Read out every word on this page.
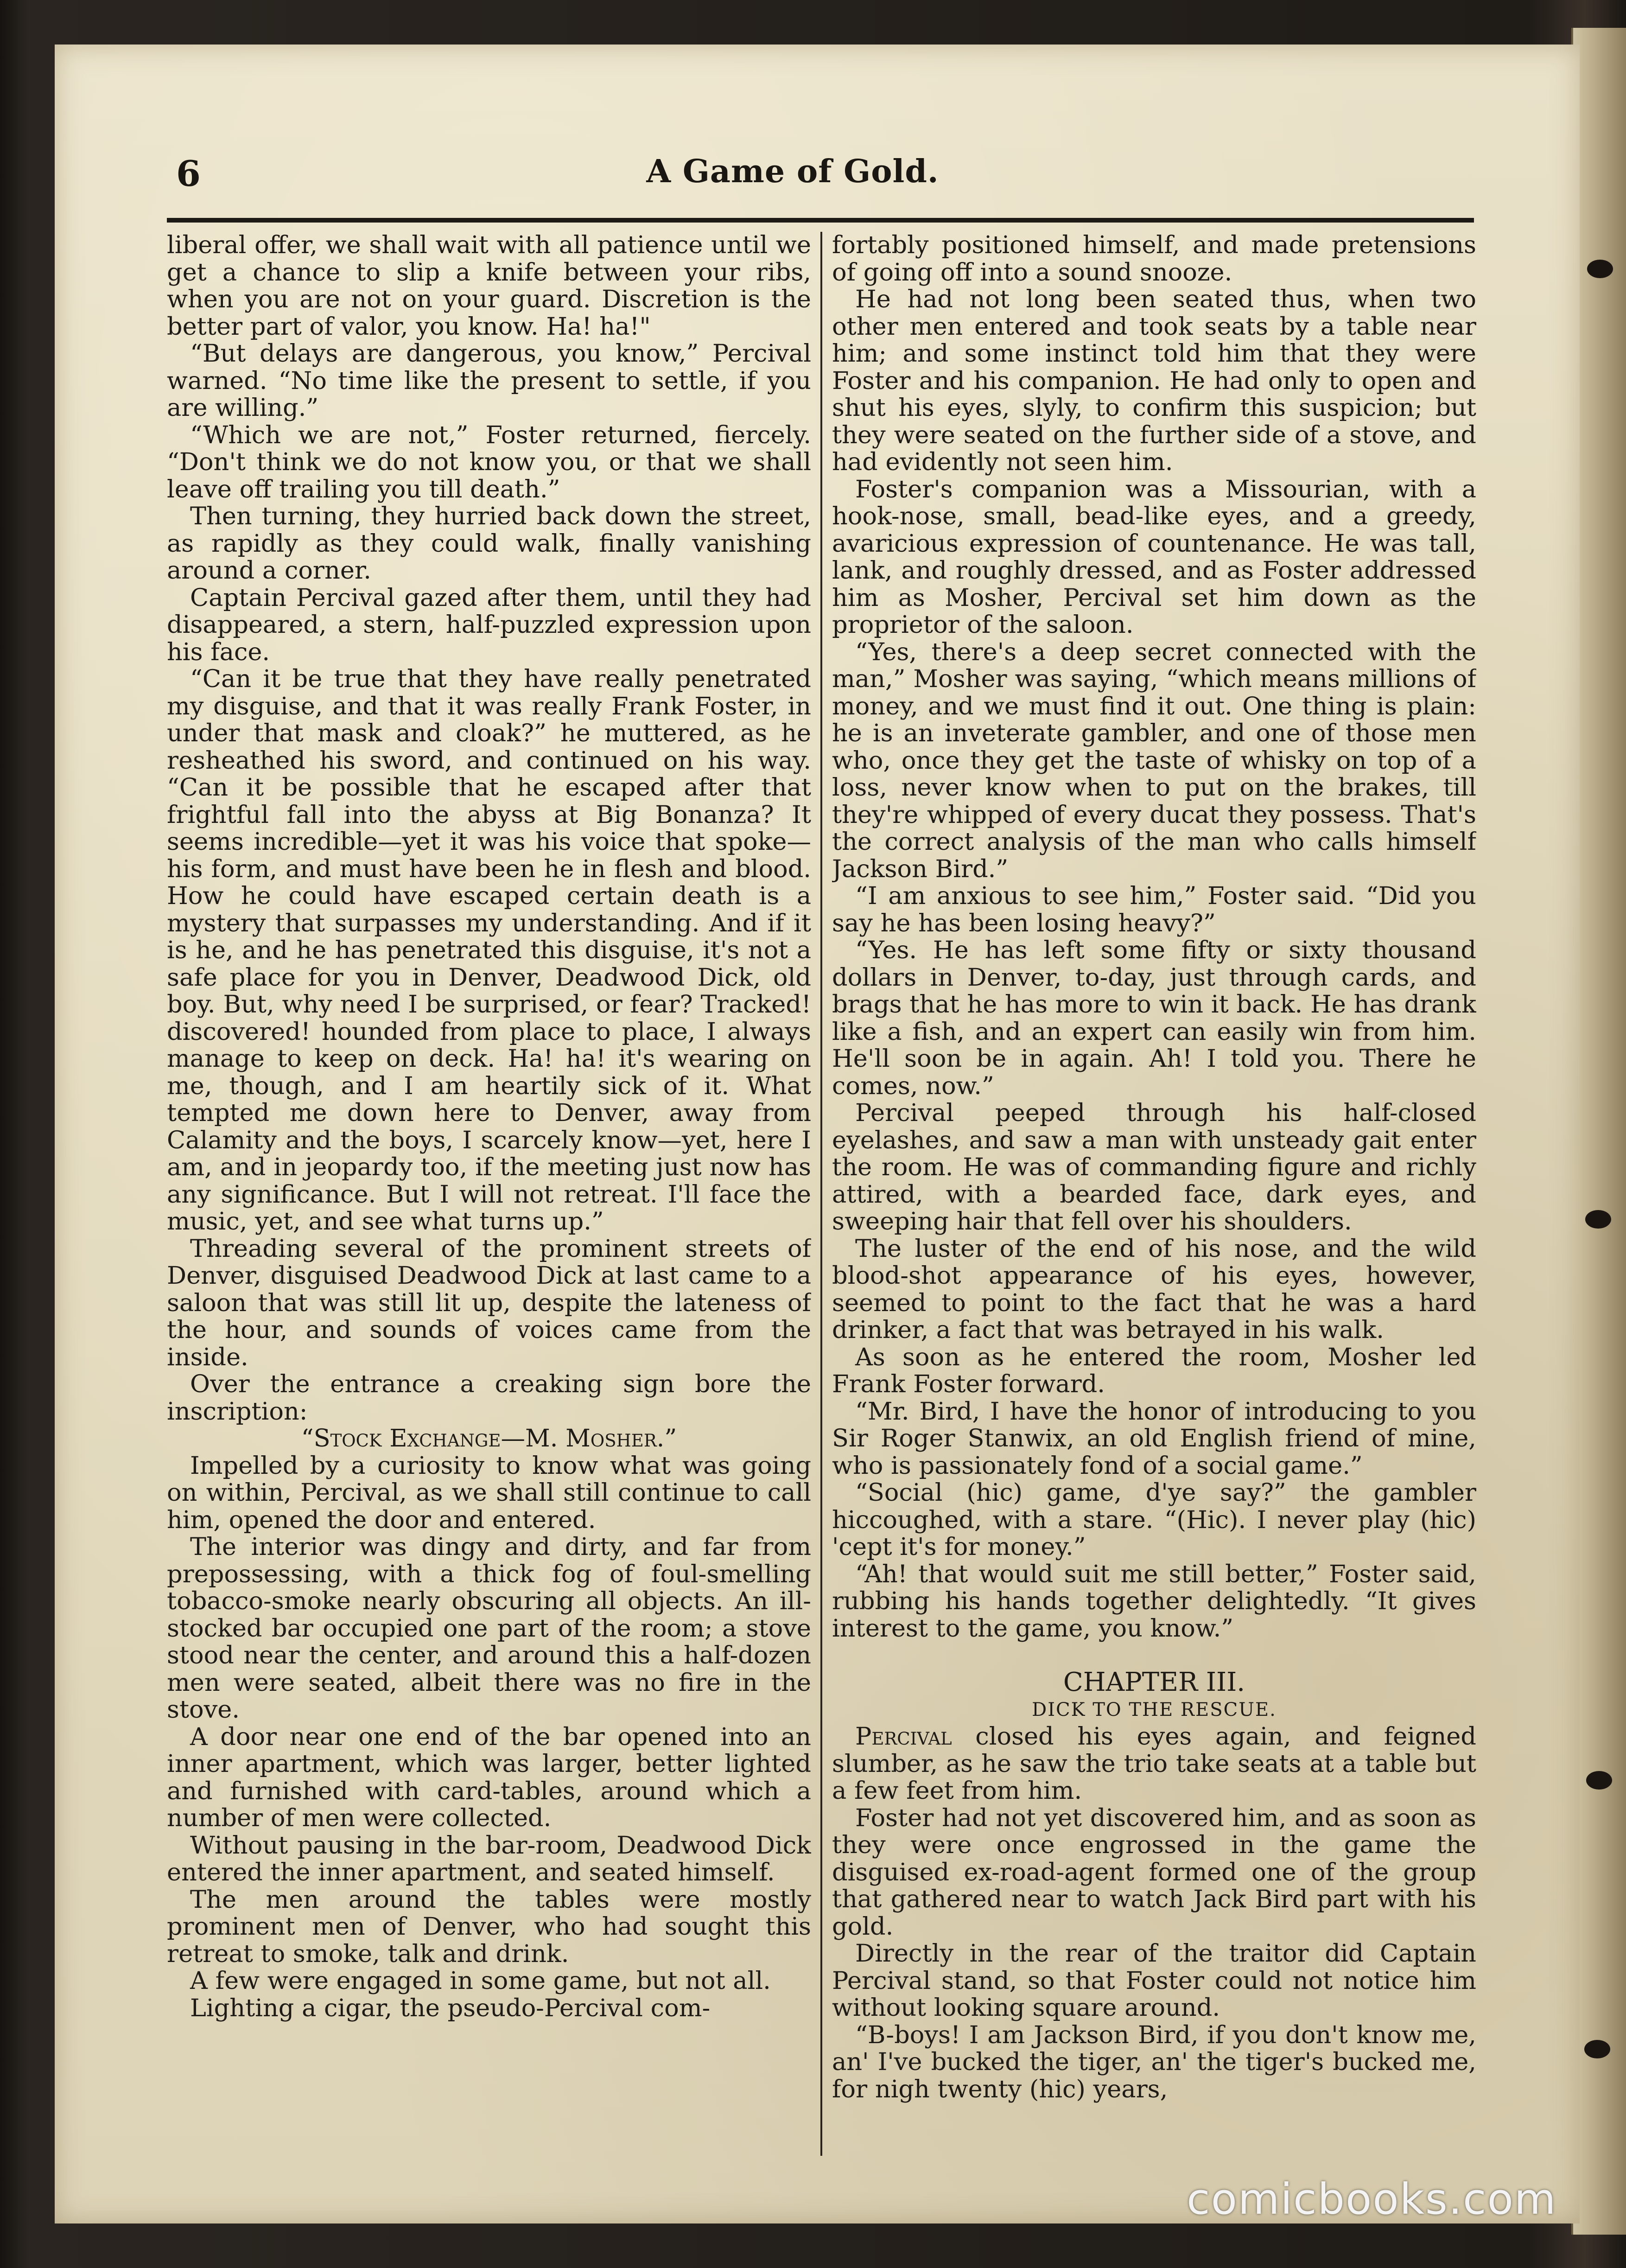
6	A Game of Gold.

liberal offer, we shall wait with all patience until we get a chance to slip a knife between your ribs, when you are not on your guard. Discretion is the better part of valor, you know. Ha! ha!"

“But delays are dangerous, you know,” Percival warned. “No time like the present to settle, if you are willing.”

“Which we are not,” Foster returned, fiercely. “Don't think we do not know you, or that we shall leave off trailing you till death.”

Then turning, they hurried back down the street, as rapidly as they could walk, finally vanishing around a corner.

Captain Percival gazed after them, until they had disappeared, a stern, half-puzzled expression upon his face.

“Can it be true that they have really penetrated my disguise, and that it was really Frank Foster, in under that mask and cloak?” he muttered, as he resheathed his sword, and continued on his way. “Can it be possible that he escaped after that frightful fall into the abyss at Big Bonanza? It seems incredible—yet it was his voice that spoke—his form, and must have been he in flesh and blood. How he could have escaped certain death is a mystery that surpasses my understanding. And if it is he, and he has penetrated this disguise, it's not a safe place for you in Denver, Deadwood Dick, old boy. But, why need I be surprised, or fear? Tracked! discovered! hounded from place to place, I always manage to keep on deck. Ha! ha! it's wearing on me, though, and I am heartily sick of it. What tempted me down here to Denver, away from Calamity and the boys, I scarcely know—yet, here I am, and in jeopardy too, if the meeting just now has any significance. But I will not retreat. I'll face the music, yet, and see what turns up.”

Threading several of the prominent streets of Denver, disguised Deadwood Dick at last came to a saloon that was still lit up, despite the lateness of the hour, and sounds of voices came from the inside.

Over the entrance a creaking sign bore the inscription:

“Stock Exchange—M. Mosher.”

Impelled by a curiosity to know what was going on within, Percival, as we shall still continue to call him, opened the door and entered.

The interior was dingy and dirty, and far from prepossessing, with a thick fog of foul-smelling tobacco-smoke nearly obscuring all objects. An ill-stocked bar occupied one part of the room; a stove stood near the center, and around this a half-dozen men were seated, albeit there was no fire in the stove.

A door near one end of the bar opened into an inner apartment, which was larger, better lighted and furnished with card-tables, around which a number of men were collected.

Without pausing in the bar-room, Deadwood Dick entered the inner apartment, and seated himself.

The men around the tables were mostly prominent men of Denver, who had sought this retreat to smoke, talk and drink.

A few were engaged in some game, but not all.

Lighting a cigar, the pseudo-Percival com-

fortably positioned himself, and made pretensions of going off into a sound snooze.

He had not long been seated thus, when two other men entered and took seats by a table near him; and some instinct told him that they were Foster and his companion. He had only to open and shut his eyes, slyly, to confirm this suspicion; but they were seated on the further side of a stove, and had evidently not seen him.

Foster's companion was a Missourian, with a hook-nose, small, bead-like eyes, and a greedy, avaricious expression of countenance. He was tall, lank, and roughly dressed, and as Foster addressed him as Mosher, Percival set him down as the proprietor of the saloon.

“Yes, there's a deep secret connected with the man,” Mosher was saying, “which means millions of money, and we must find it out. One thing is plain: he is an inveterate gambler, and one of those men who, once they get the taste of whisky on top of a loss, never know when to put on the brakes, till they're whipped of every ducat they possess. That's the correct analysis of the man who calls himself Jackson Bird.”

“I am anxious to see him,” Foster said. “Did you say he has been losing heavy?”

“Yes. He has left some fifty or sixty thousand dollars in Denver, to-day, just through cards, and brags that he has more to win it back. He has drank like a fish, and an expert can easily win from him. He'll soon be in again. Ah! I told you. There he comes, now.”

Percival peeped through his half-closed eyelashes, and saw a man with unsteady gait enter the room. He was of commanding figure and richly attired, with a bearded face, dark eyes, and sweeping hair that fell over his shoulders.

The luster of the end of his nose, and the wild blood-shot appearance of his eyes, however, seemed to point to the fact that he was a hard drinker, a fact that was betrayed in his walk.

As soon as he entered the room, Mosher led Frank Foster forward.

“Mr. Bird, I have the honor of introducing to you Sir Roger Stanwix, an old English friend of mine, who is passionately fond of a social game.”

“Social (hic) game, d'ye say?” the gambler hiccoughed, with a stare. “(Hic). I never play (hic) 'cept it's for money.”

“Ah! that would suit me still better,” Foster said, rubbing his hands together delightedly. “It gives interest to the game, you know.”

CHAPTER III.
DICK TO THE RESCUE.

Percival closed his eyes again, and feigned slumber, as he saw the trio take seats at a table but a few feet from him.

Foster had not yet discovered him, and as soon as they were once engrossed in the game the disguised ex-road-agent formed one of the group that gathered near to watch Jack Bird part with his gold.

Directly in the rear of the traitor did Captain Percival stand, so that Foster could not notice him without looking square around.

“B-boys! I am Jackson Bird, if you don't know me, an' I've bucked the tiger, an' the tiger's bucked me, for nigh twenty (hic) years,

comicbooks.com
